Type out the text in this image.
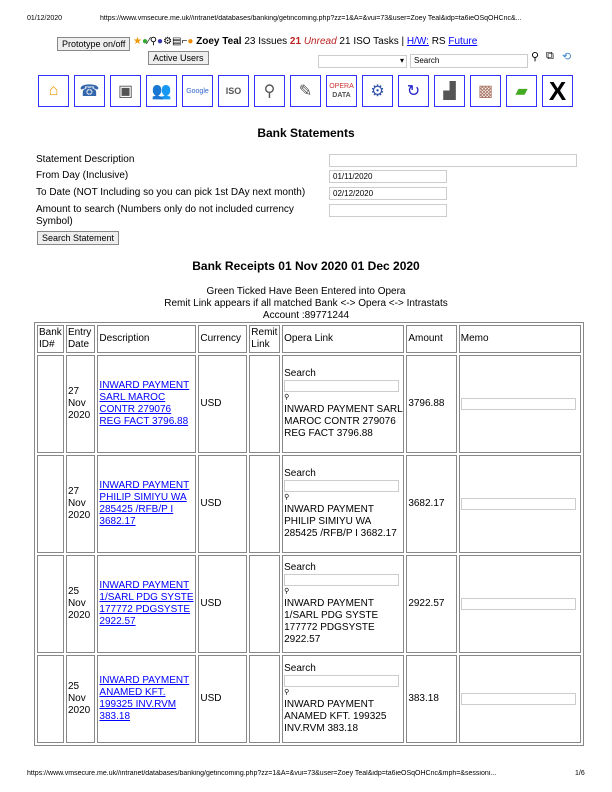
01/12/2020	https://www.vmsecure.me.uk//intranet/databases/banking/getincoming.php?zz=1&A=&vui=73&user=Zoey Teal&idp=ta6ieOSqOHCnc&...
Prototype on/off
Active Users
★●⁄⚲●⚙▤⌐● Zoey Teal 23 Issues 21 Unread 21 ISO Tasks | H/W: RS Future
▾	Search	⚲ ⧉ ⟲
⌂	☎	▣	👥	Google ISO	⚲	✎	OPERA
DATA	⚙	↻	▟	▩	▰ X
Bank Statements
Statement Description
From Day (Inclusive)	01/11/2020
To Date (NOT Including so you can pick 1st DAy next month)	02/12/2020
Amount to search (Numbers only do not included currency Symbol)
Search Statement
Bank Receipts 01 Nov 2020 01 Dec 2020
Green Ticked Have Been Entered into Opera
Remit Link appears if all matched Bank <-> Opera <-> Intrastats
Account :89771244
Bank ID#	Entry Date	Description	Currency	Remit Link	Opera Link	Amount	Memo
	27 Nov 2020	INWARD PAYMENT SARL MAROC CONTR 279076 REG FACT 3796.88	USD		Search
⚲
INWARD PAYMENT SARL MAROC CONTR 279076 REG FACT 3796.88	3796.88	

	27 Nov 2020	INWARD PAYMENT PHILIP SIMIYU WA 285425 /RFB/P I 3682.17	USD		Search
⚲
INWARD PAYMENT PHILIP SIMIYU WA 285425 /RFB/P I 3682.17	3682.17	

	25 Nov 2020	INWARD PAYMENT 1/SARL PDG SYSTE 177772 PDGSYSTE 2922.57	USD		Search
⚲
INWARD PAYMENT 1/SARL PDG SYSTE 177772 PDGSYSTE 2922.57	2922.57	

	25 Nov 2020	INWARD PAYMENT ANAMED KFT. 199325 INV.RVM 383.18	USD		Search
⚲
INWARD PAYMENT ANAMED KFT. 199325 INV.RVM 383.18	383.18	
https://www.vmsecure.me.uk//intranet/databases/banking/getincoming.php?zz=1&A=&vui=73&user=Zoey Teal&idp=ta6ieOSqOHCnc&mph=&sessioni...	1/6
